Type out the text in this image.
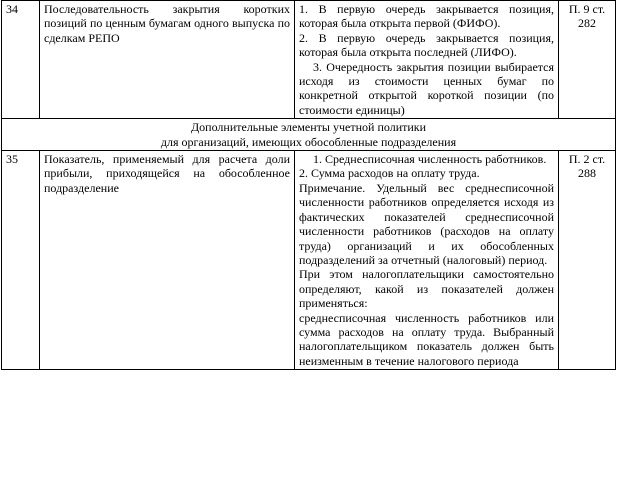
34	Последовательность закрытия коротких позиций по ценным бумагам одного выпуска по сделкам РЕПО	1. В первую очередь закрывается позиция, которая была открыта первой (ФИФО).
2. В первую очередь закрывается позиция, которая была открыта последней (ЛИФО).
3. Очередность закрытия позиции выбирается исходя из стоимости ценных бумаг по конкретной открытой короткой позиции (по стоимости единицы)	П. 9 ст. 282

Дополнительные элементы учетной политики
для организаций, имеющих обособленные подразделения			

35	Показатель, применяемый для расчета доли прибыли, приходящейся на обособленное подразделение	1. Среднесписочная численность работников.
2. Сумма расходов на оплату труда.
Примечание. Удельный вес среднесписочной численности работников определяется исходя из фактических показателей среднесписочной численности работников (расходов на оплату труда) организаций и их обособленных подразделений за отчетный (налоговый) период.
При этом налогоплательщики самостоятельно определяют, какой из показателей должен применяться:
среднесписочная численность работников или сумма расходов на оплату труда. Выбранный налогоплательщиком показатель должен быть неизменным в течение налогового периода	П. 2 ст. 288
